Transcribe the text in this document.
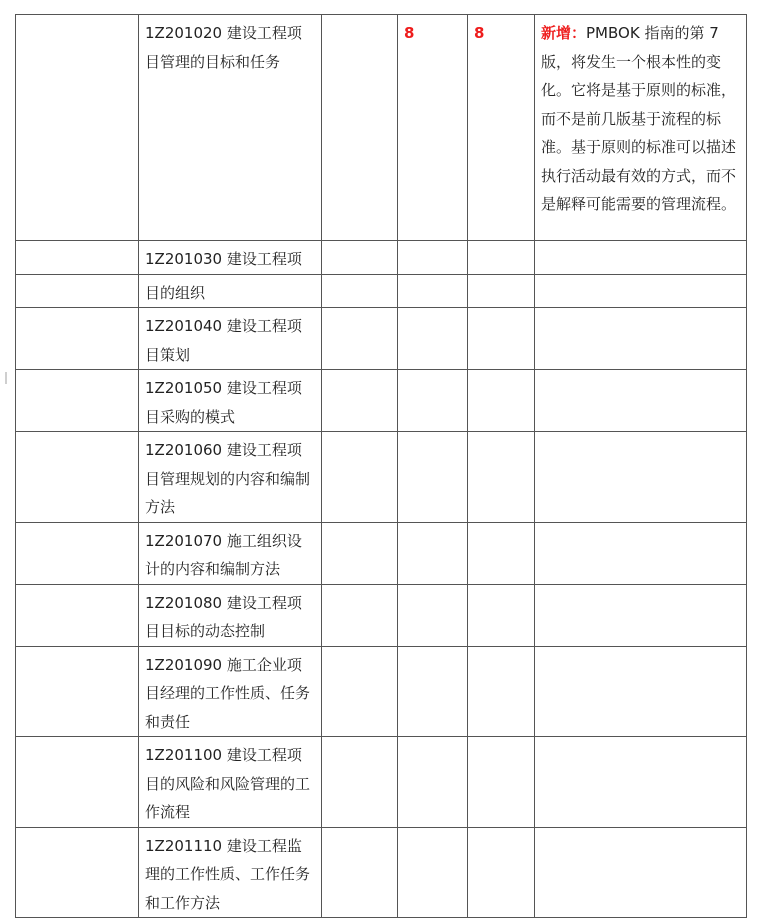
	1Z201020 建设工程项目管理的目标和任务		8	8	新增：PMBOK 指南的第 7 版，将发生一个根本性的变化。它将是基于原则的标准，而不是前几版基于流程的标准。基于原则的标准可以描述执行活动最有效的方式，而不是解释可能需要的管理流程。
	1Z201030 建设工程项				
	目的组织				
	1Z201040 建设工程项目策划				
	1Z201050 建设工程项目采购的模式				
	1Z201060 建设工程项目管理规划的内容和编制方法				
	1Z201070 施工组织设计的内容和编制方法				
	1Z201080 建设工程项目目标的动态控制				
	1Z201090 施工企业项目经理的工作性质、任务和责任				
	1Z201100 建设工程项目的风险和风险管理的工作流程				
	1Z201110 建设工程监理的工作性质、工作任务和工作方法				
